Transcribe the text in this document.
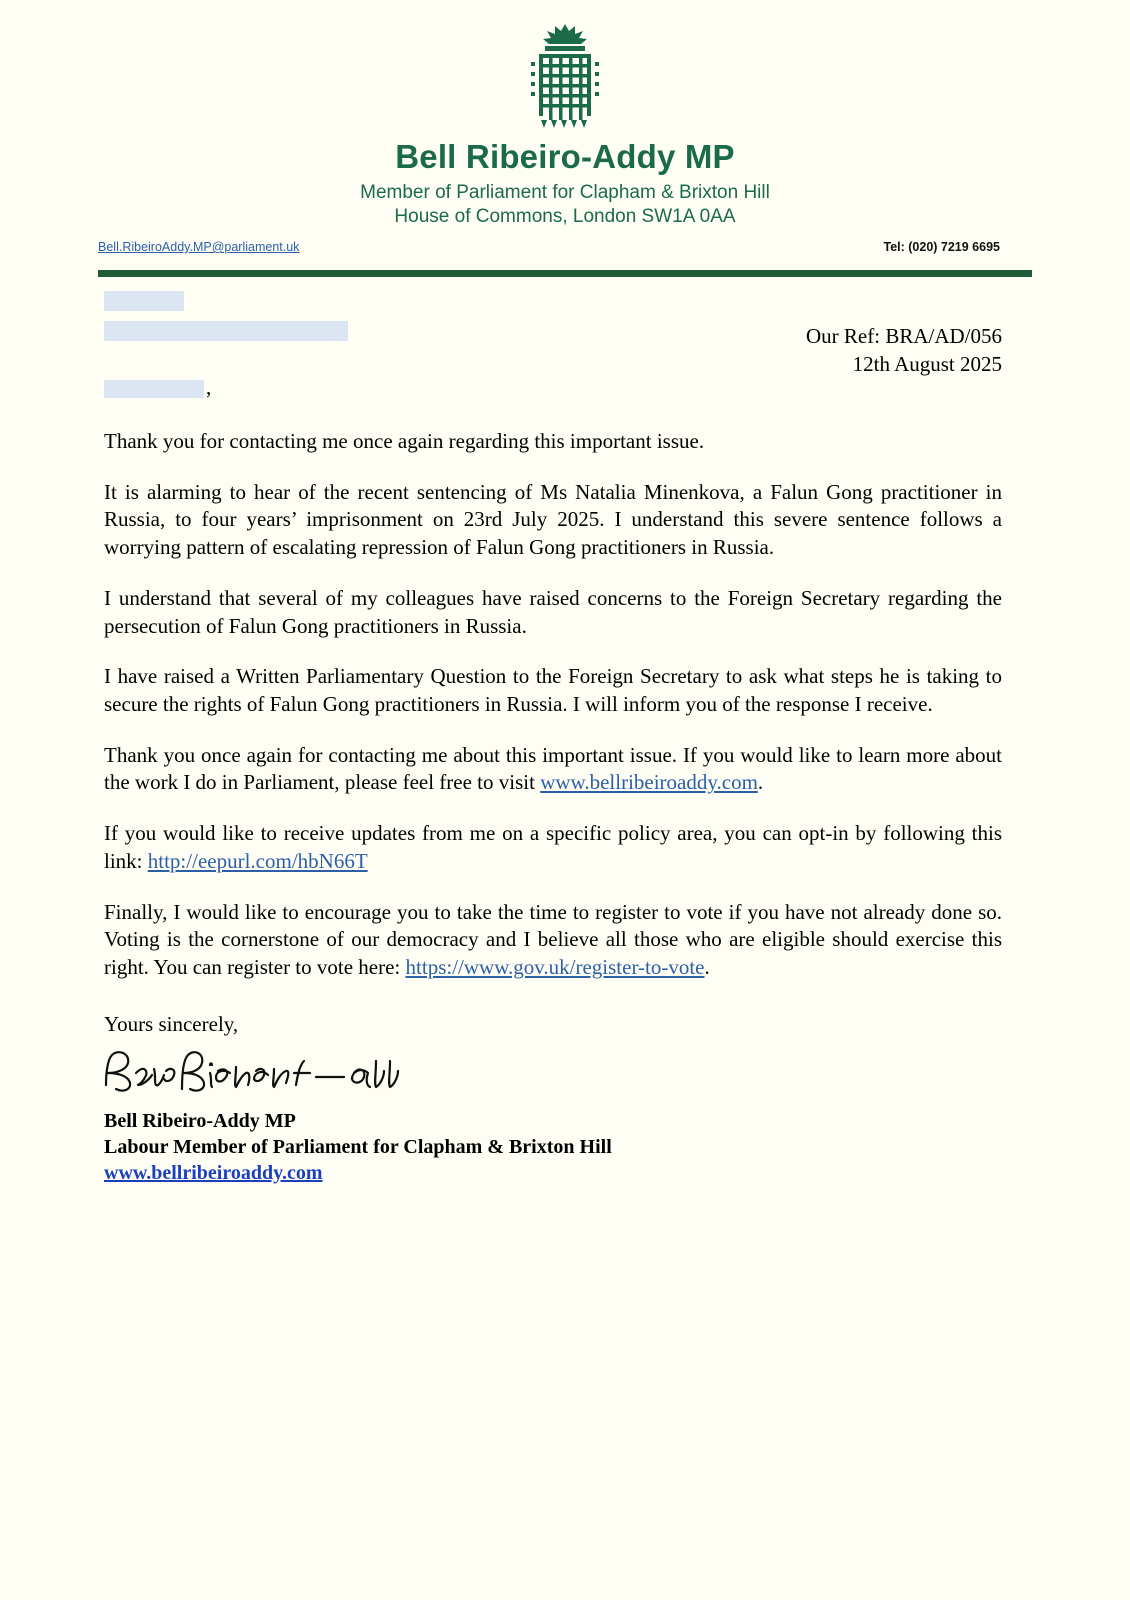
Bell Ribeiro-Addy MP
Member of Parliament for Clapham & Brixton Hill
House of Commons, London SW1A 0AA
Bell.RibeiroAddy.MP@parliament.uk	Tel: (020) 7219 6695
Our Ref: BRA/AD/056
12th August 2025
,

Thank you for contacting me once again regarding this important issue.

It is alarming to hear of the recent sentencing of Ms Natalia Minenkova, a Falun Gong practitioner in Russia, to four years’ imprisonment on 23rd July 2025. I understand this severe sentence follows a worrying pattern of escalating repression of Falun Gong practitioners in Russia.

I understand that several of my colleagues have raised concerns to the Foreign Secretary regarding the persecution of Falun Gong practitioners in Russia.

I have raised a Written Parliamentary Question to the Foreign Secretary to ask what steps he is taking to secure the rights of Falun Gong practitioners in Russia. I will inform you of the response I receive.

Thank you once again for contacting me about this important issue. If you would like to learn more about the work I do in Parliament, please feel free to visit www.bellribeiroaddy.com.

If you would like to receive updates from me on a specific policy area, you can opt-in by following this link: http://eepurl.com/hbN66T

Finally, I would like to encourage you to take the time to register to vote if you have not already done so. Voting is the cornerstone of our democracy and I believe all those who are eligible should exercise this right. You can register to vote here: https://www.gov.uk/register-to-vote.

Yours sincerely,
Bell Ribeiro-Addy MP
Labour Member of Parliament for Clapham & Brixton Hill
www.bellribeiroaddy.com
